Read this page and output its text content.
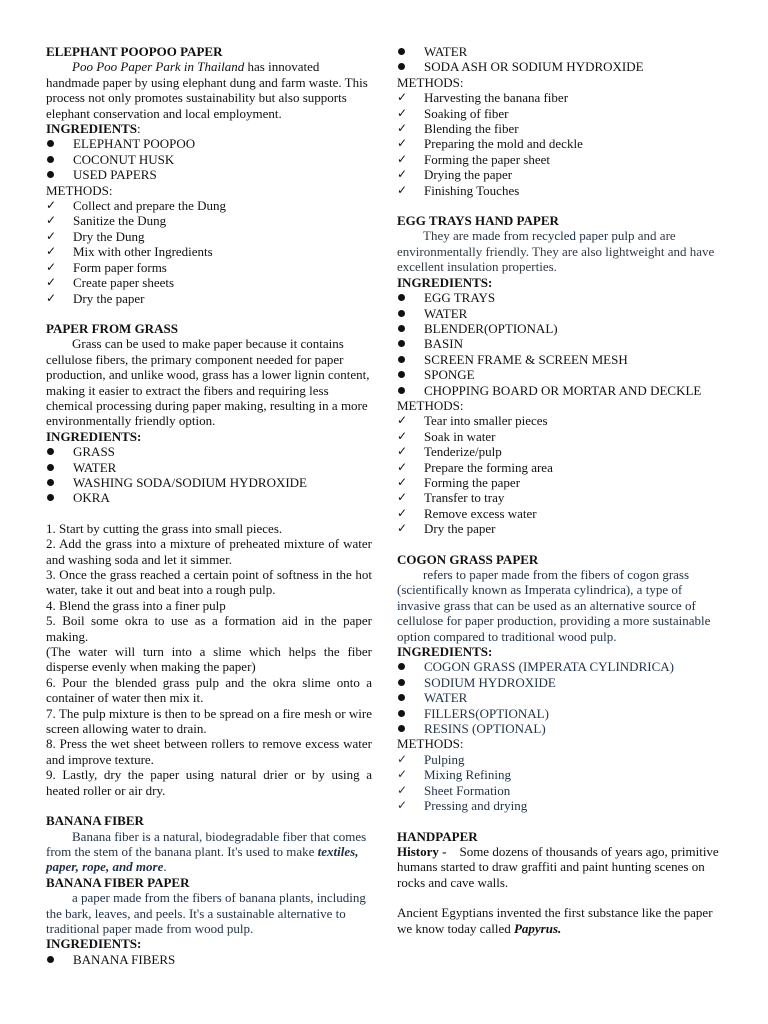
ELEPHANT POOPOO PAPER

Poo Poo Paper Park in Thailand has innovated handmade paper by using elephant dung and farm waste. This process not only promotes sustainability but also supports elephant conservation and local employment.

INGREDIENTS:
ELEPHANT POOPOO
COCONUT HUSK
USED PAPERS
METHODS:
✓ Collect and prepare the Dung
✓ Sanitize the Dung
✓ Dry the Dung
✓ Mix with other Ingredients
✓ Form paper forms
✓ Create paper sheets
✓ Dry the paper
PAPER FROM GRASS

Grass can be used to make paper because it contains cellulose fibers, the primary component needed for paper production, and unlike wood, grass has a lower lignin content, making it easier to extract the fibers and requiring less chemical processing during paper making, resulting in a more environmentally friendly option.

INGREDIENTS:
GRASS
WATER
WASHING SODA/SODIUM HYDROXIDE
OKRA

1. Start by cutting the grass into small pieces.

2. Add the grass into a mixture of preheated mixture of water and washing soda and let it simmer.

3. Once the grass reached a certain point of softness in the hot water, take it out and beat into a rough pulp.

4. Blend the grass into a finer pulp

5. Boil some okra to use as a formation aid in the paper making.

(The water will turn into a slime which helps the fiber disperse evenly when making the paper)

6. Pour the blended grass pulp and the okra slime onto a container of water then mix it.

7. The pulp mixture is then to be spread on a fire mesh or wire screen allowing water to drain.

8. Press the wet sheet between rollers to remove excess water and improve texture.

9. Lastly, dry the paper using natural drier or by using a heated roller or air dry.

BANANA FIBER

Banana fiber is a natural, biodegradable fiber that comes from the stem of the banana plant. It's used to make textiles, paper, rope, and more.

BANANA FIBER PAPER

a paper made from the fibers of banana plants, including the bark, leaves, and peels. It's a sustainable alternative to traditional paper made from wood pulp.

INGREDIENTS:
BANANA FIBERS
WATER
SODA ASH OR SODIUM HYDROXIDE
METHODS:
✓ Harvesting the banana fiber
✓ Soaking of fiber
✓ Blending the fiber
✓ Preparing the mold and deckle
✓ Forming the paper sheet
✓ Drying the paper
✓ Finishing Touches
EGG TRAYS HAND PAPER

They are made from recycled paper pulp and are environmentally friendly. They are also lightweight and have excellent insulation properties.

INGREDIENTS:
EGG TRAYS
WATER
BLENDER(OPTIONAL)
BASIN
SCREEN FRAME & SCREEN MESH
SPONGE
CHOPPING BOARD OR MORTAR AND DECKLE
METHODS:
✓ Tear into smaller pieces
✓ Soak in water
✓ Tenderize/pulp
✓ Prepare the forming area
✓ Forming the paper
✓ Transfer to tray
✓ Remove excess water
✓ Dry the paper
COGON GRASS PAPER

refers to paper made from the fibers of cogon grass (scientifically known as Imperata cylindrica), a type of invasive grass that can be used as an alternative source of cellulose for paper production, providing a more sustainable option compared to traditional wood pulp.

INGREDIENTS:
COGON GRASS (IMPERATA CYLINDRICA)
SODIUM HYDROXIDE
WATER
FILLERS(OPTIONAL)
RESINS (OPTIONAL)
METHODS:
✓ Pulping
✓ Mixing Refining
✓ Sheet Formation
✓ Pressing and drying
HANDPAPER

History -    Some dozens of thousands of years ago, primitive humans started to draw graffiti and paint hunting scenes on rocks and cave walls.

Ancient Egyptians invented the first substance like the paper we know today called Papyrus.
